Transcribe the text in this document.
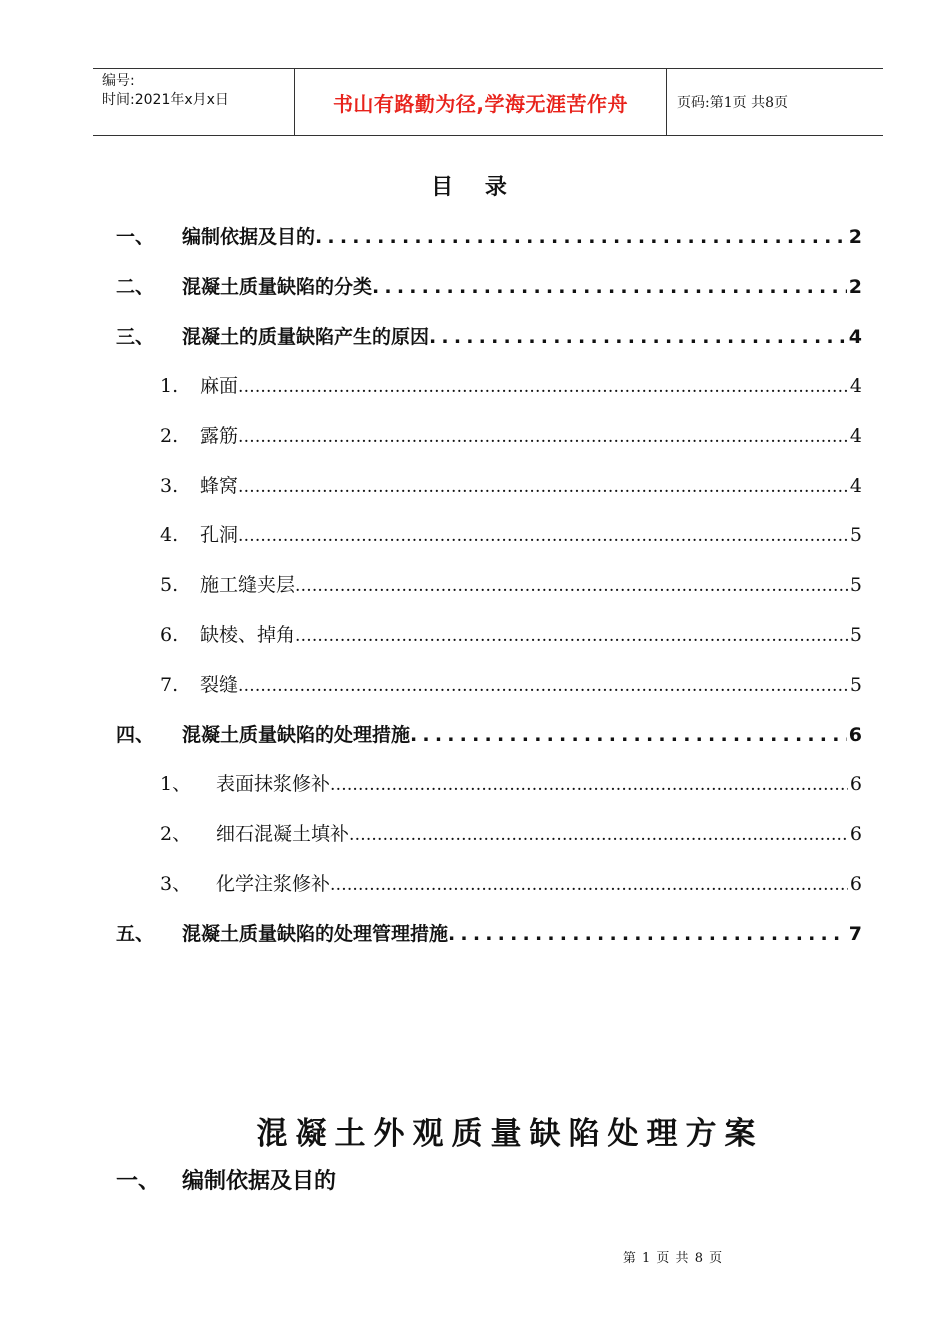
编号:
时间:2021年x月x日	书山有路勤为径,学海无涯苦作舟	页码:第1页 共8页
目 录
一、	编制依据及目的 .....	2
二、	混凝土质量缺陷的分类 .....	2
三、	混凝土的质量缺陷产生的原因 .....	4
1.	麻面 .....	4
2.	露筋 .....	4
3.	蜂窝 .....	4
4.	孔洞 .....	5
5.	施工缝夹层 .....	5
6.	缺棱、掉角 .....	5
7.	裂缝 .....	5
四、	混凝土质量缺陷的处理措施 .....	6
1、	表面抹浆修补 .....	6
2、	细石混凝土填补 .....	6
3、	化学注浆修补 .....	6
五、	混凝土质量缺陷的处理管理措施 .....	7
混凝土外观质量缺陷处理方案
一、 编制依据及目的
第 1 页 共 8 页
